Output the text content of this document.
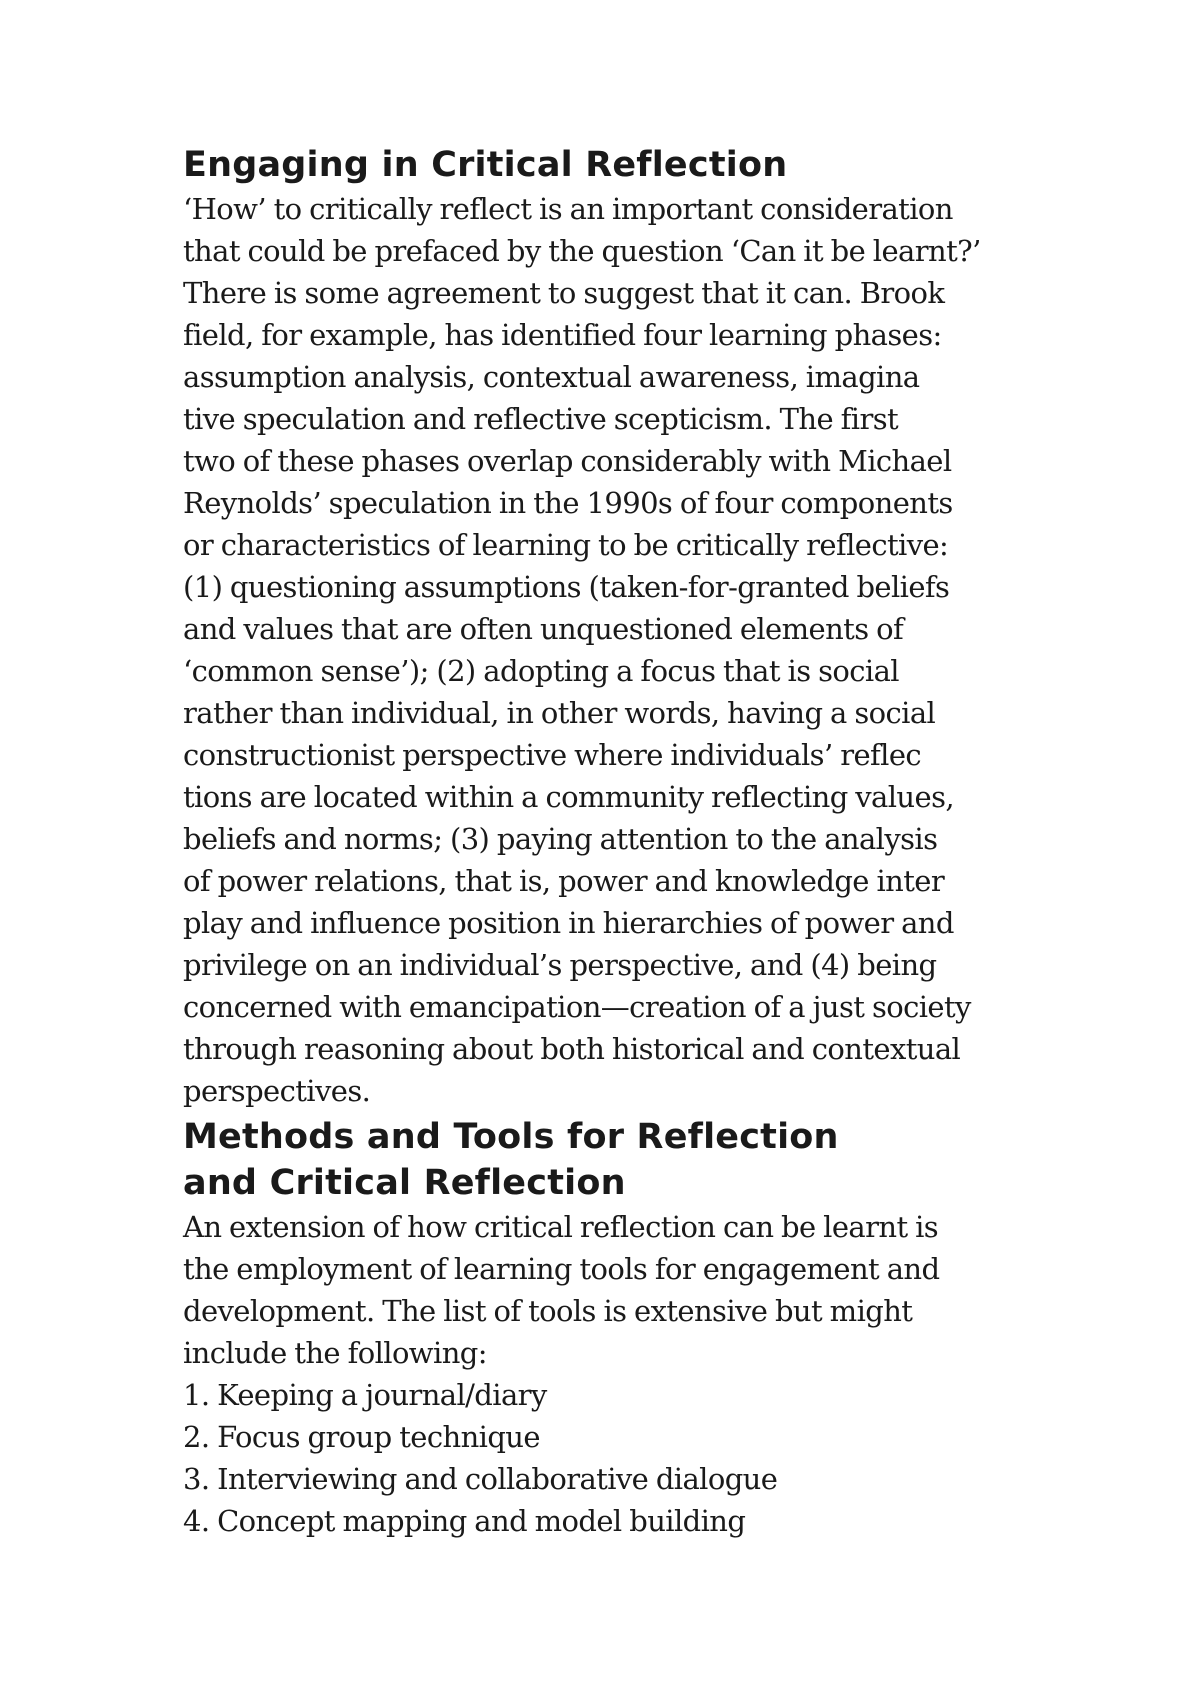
Engaging in Critical Reflection
‘How’ to critically reflect is an important consideration
that could be prefaced by the question ‘Can it be learnt?’
There is some agreement to suggest that it can. Brook
field, for example, has identified four learning phases:
assumption analysis, contextual awareness, imagina
tive speculation and reflective scepticism. The first
two of these phases overlap considerably with Michael
Reynolds’ speculation in the 1990s of four components
or characteristics of learning to be critically reflective:
(1) questioning assumptions (taken-for-granted beliefs
and values that are often unquestioned elements of
‘common sense’); (2) adopting a focus that is social
rather than individual, in other words, having a social
constructionist perspective where individuals’ reflec
tions are located within a community reflecting values,
beliefs and norms; (3) paying attention to the analysis
of power relations, that is, power and knowledge inter
play and influence position in hierarchies of power and
privilege on an individual’s perspective, and (4) being
concerned with emancipation—creation of a just society
through reasoning about both historical and contextual
perspectives.
Methods and Tools for Reflection
and Critical Reflection
An extension of how critical reflection can be learnt is
the employment of learning tools for engagement and
development. The list of tools is extensive but might
include the following:
1. Keeping a journal/diary
2. Focus group technique
3. Interviewing and collaborative dialogue
4. Concept mapping and model building
